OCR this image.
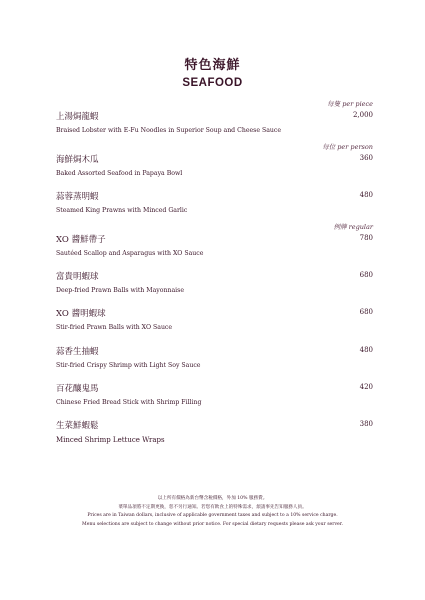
特色海鮮
SEAFOOD
每隻 per piece
上湯焗龍蝦	2,000
Braised Lobster with E-Fu Noodles in Superior Soup and Cheese Sauce
每位 per person
海鮮焗木瓜	360
Baked Assorted Seafood in Papaya Bowl
蒜蓉蒸明蝦	480
Steamed King Prawns with Minced Garlic
例牌 regular
XO 醬鮮帶子	780
Sautéed Scallop and Asparagus with XO Sauce
富貴明蝦球	680
Deep-fried Prawn Balls with Mayonnaise
XO 醬明蝦球	680
Stir-fried Prawn Balls with XO Sauce
蒜香生抽蝦	480
Stir-fried Crispy Shrimp with Light Soy Sauce
百花釀鬼馬	420
Chinese Fried Bread Stick with Shrimp Filling
生菜鮮蝦鬆	380
Minced Shrimp Lettuce Wraps
以上所有價格為新台幣含稅價格，外加 10% 服務費。
菜單品項將不定期更換，恕不另行通知。若您有飲食上的特殊需求，煩請事先告知服務人員。
Prices are in Taiwan dollars, inclusive of applicable government taxes and subject to a 10% service charge.
Menu selections are subject to change without prior notice. For special dietary requests please ask your server.
